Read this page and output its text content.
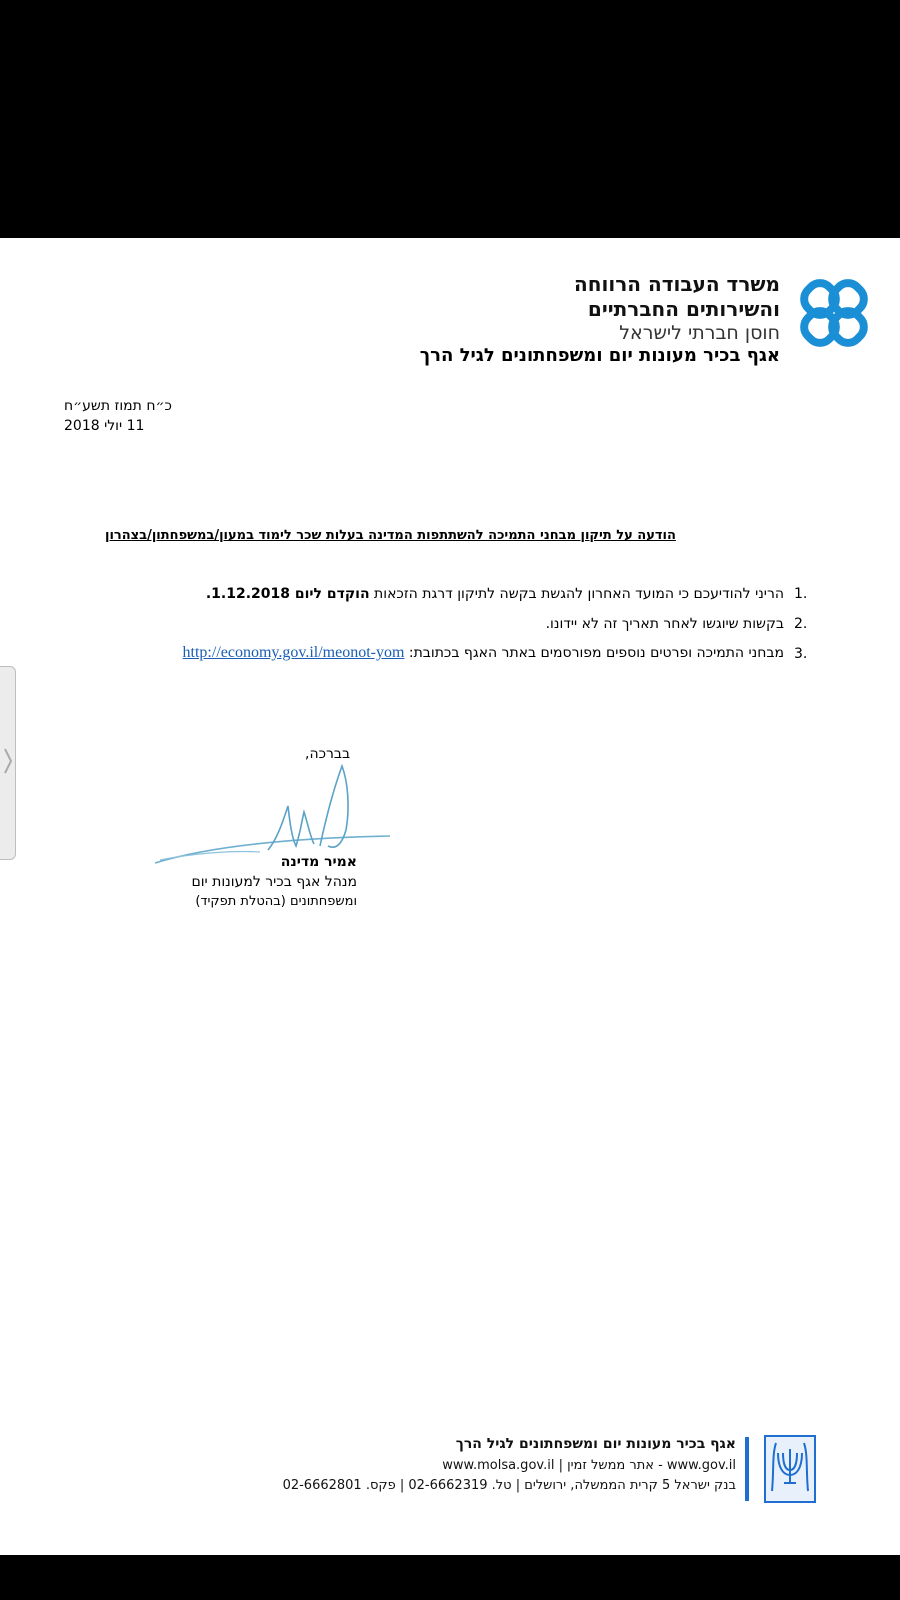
משרד העבודה הרווחה
והשירותים החברתיים
חוסן חברתי לישראל
אגף בכיר מעונות יום ומשפחתונים לגיל הרך
כ״ח תמוז תשע״ח
11 יולי 2018
הודעה על תיקון מבחני התמיכה להשתתפות המדינה בעלות שכר לימוד במעון/במשפחתון/בצהרון
1.
הריני להודיעכם כי המועד האחרון להגשת בקשה לתיקון דרגת הזכאות הוקדם ליום 1.12.2018.
2.
בקשות שיוגשו לאחר תאריך זה לא יידונו.
3.
מבחני התמיכה ופרטים נוספים מפורסמים באתר האגף בכתובת: http://economy.gov.il/meonot-yom
בברכה,
אמיר מדינה
מנהל אגף בכיר למעונות יום
ומשפחתונים (בהטלת תפקיד)
אגף בכיר מעונות יום ומשפחתונים לגיל הרך
www.molsa.gov.il | אתר ממשל זמין - www.gov.il
בנק ישראל 5 קרית הממשלה, ירושלים | טל. 02-6662319 | פקס. 02-6662801
